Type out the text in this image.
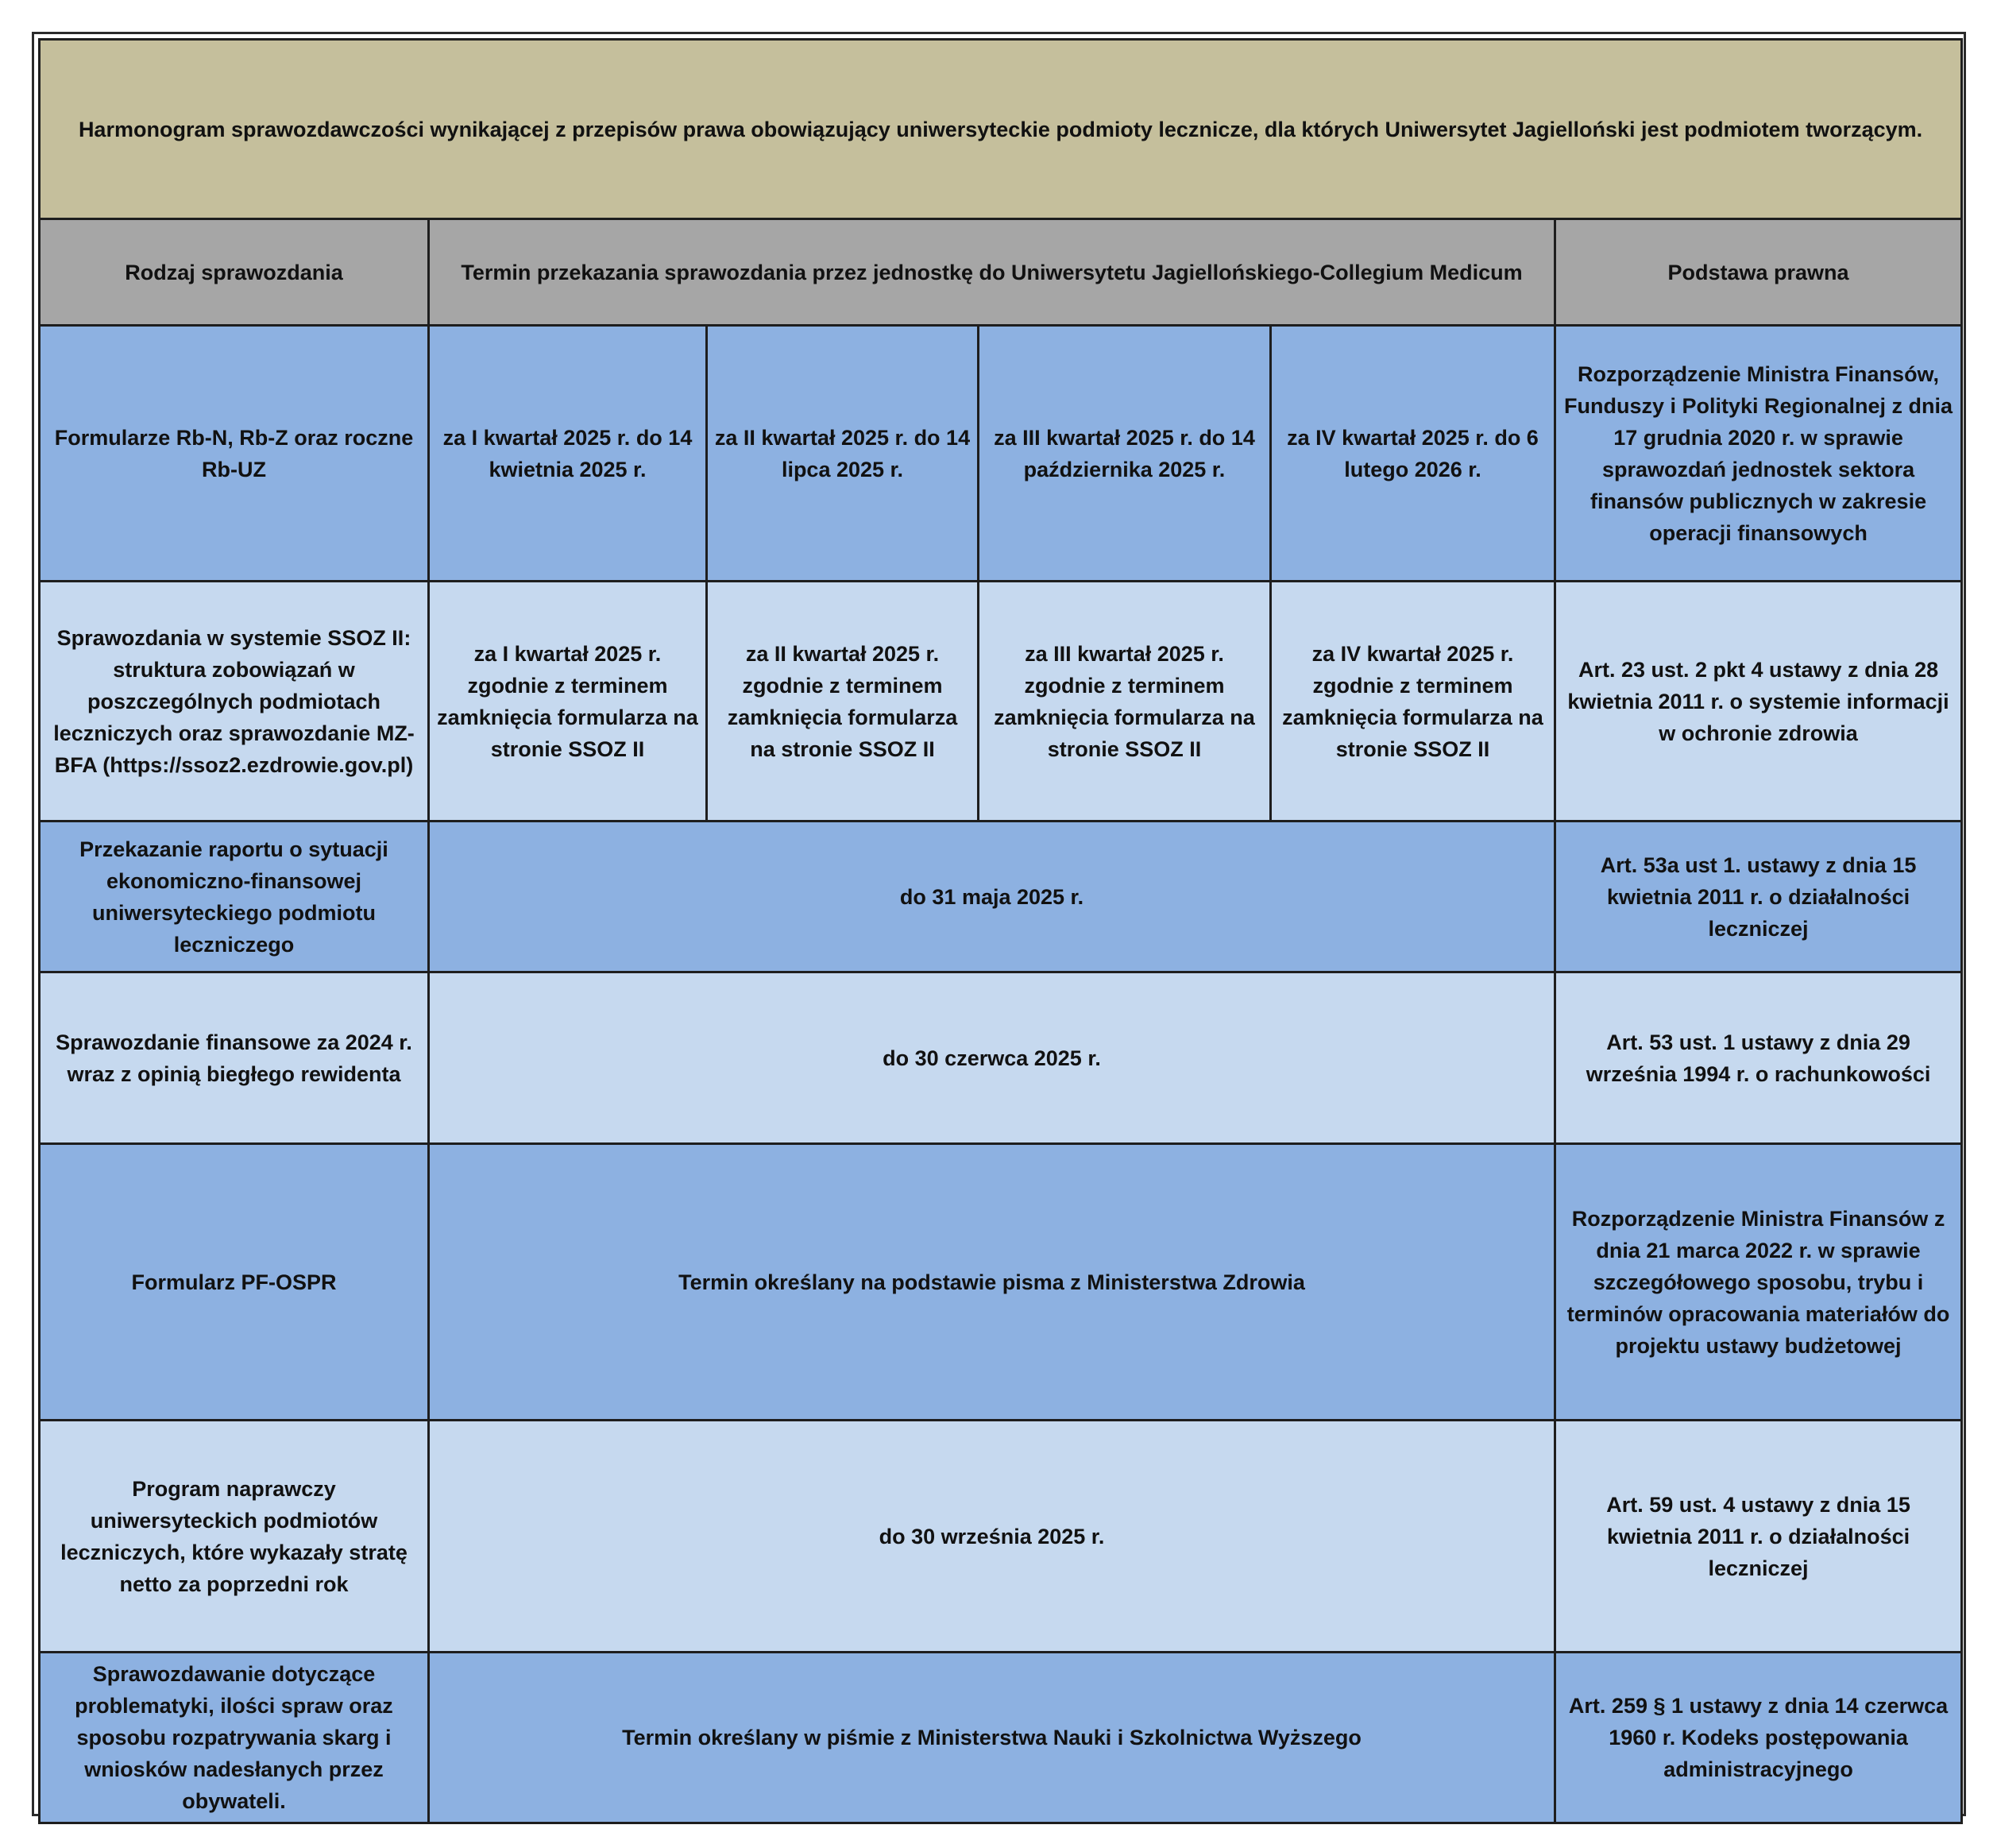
Harmonogram sprawozdawczości wynikającej z przepisów prawa obowiązujący uniwersyteckie podmioty lecznicze, dla których Uniwersytet Jagielloński jest podmiotem tworzącym.					
Rodzaj sprawozdania	Termin przekazania sprawozdania przez jednostkę do Uniwersytetu Jagiellońskiego-Collegium Medicum				Podstawa prawna
Formularze Rb-N, Rb-Z oraz roczne Rb-UZ	za I kwartał 2025 r. do 14 kwietnia 2025 r.	za II kwartał 2025 r. do 14 lipca 2025 r.	za III kwartał 2025 r. do 14 października 2025 r.	za IV kwartał 2025 r. do 6 lutego 2026 r.	Rozporządzenie Ministra Finansów, Funduszy i Polityki Regionalnej z dnia 17 grudnia 2020 r. w sprawie sprawozdań jednostek sektora finansów publicznych w zakresie operacji finansowych
Sprawozdania w systemie SSOZ II: struktura zobowiązań w poszczególnych podmiotach leczniczych oraz sprawozdanie MZ-BFA (https://ssoz2.ezdrowie.gov.pl)	za I kwartał 2025 r. zgodnie z terminem zamknięcia formularza na stronie SSOZ II	za II kwartał 2025 r. zgodnie z terminem zamknięcia formularza na stronie SSOZ II	za III kwartał 2025 r. zgodnie z terminem zamknięcia formularza na stronie SSOZ II	za IV kwartał 2025 r. zgodnie z terminem zamknięcia formularza na stronie SSOZ II	Art. 23 ust. 2 pkt 4 ustawy z dnia 28 kwietnia 2011 r. o systemie informacji w ochronie zdrowia
Przekazanie raportu o sytuacji ekonomiczno-finansowej uniwersyteckiego podmiotu leczniczego	do 31 maja 2025 r.				Art. 53a ust 1. ustawy z dnia 15 kwietnia 2011 r. o działalności leczniczej
Sprawozdanie finansowe za 2024 r. wraz z opinią biegłego rewidenta	do 30 czerwca 2025 r.				Art. 53 ust. 1 ustawy z dnia 29 września 1994 r. o rachunkowości
Formularz PF-OSPR	Termin określany na podstawie pisma z Ministerstwa Zdrowia				Rozporządzenie Ministra Finansów z dnia 21 marca 2022 r. w sprawie szczegółowego sposobu, trybu i terminów opracowania materiałów do projektu ustawy budżetowej
Program naprawczy uniwersyteckich podmiotów leczniczych, które wykazały stratę netto za poprzedni rok	do 30 września 2025 r.				Art. 59 ust. 4 ustawy z dnia 15 kwietnia 2011 r. o działalności leczniczej
Sprawozdawanie dotyczące problematyki, ilości spraw oraz sposobu rozpatrywania skarg i wniosków nadesłanych przez obywateli.	Termin określany w piśmie z Ministerstwa Nauki i Szkolnictwa Wyższego				Art. 259 § 1 ustawy z dnia 14 czerwca 1960 r. Kodeks postępowania administracyjnego
